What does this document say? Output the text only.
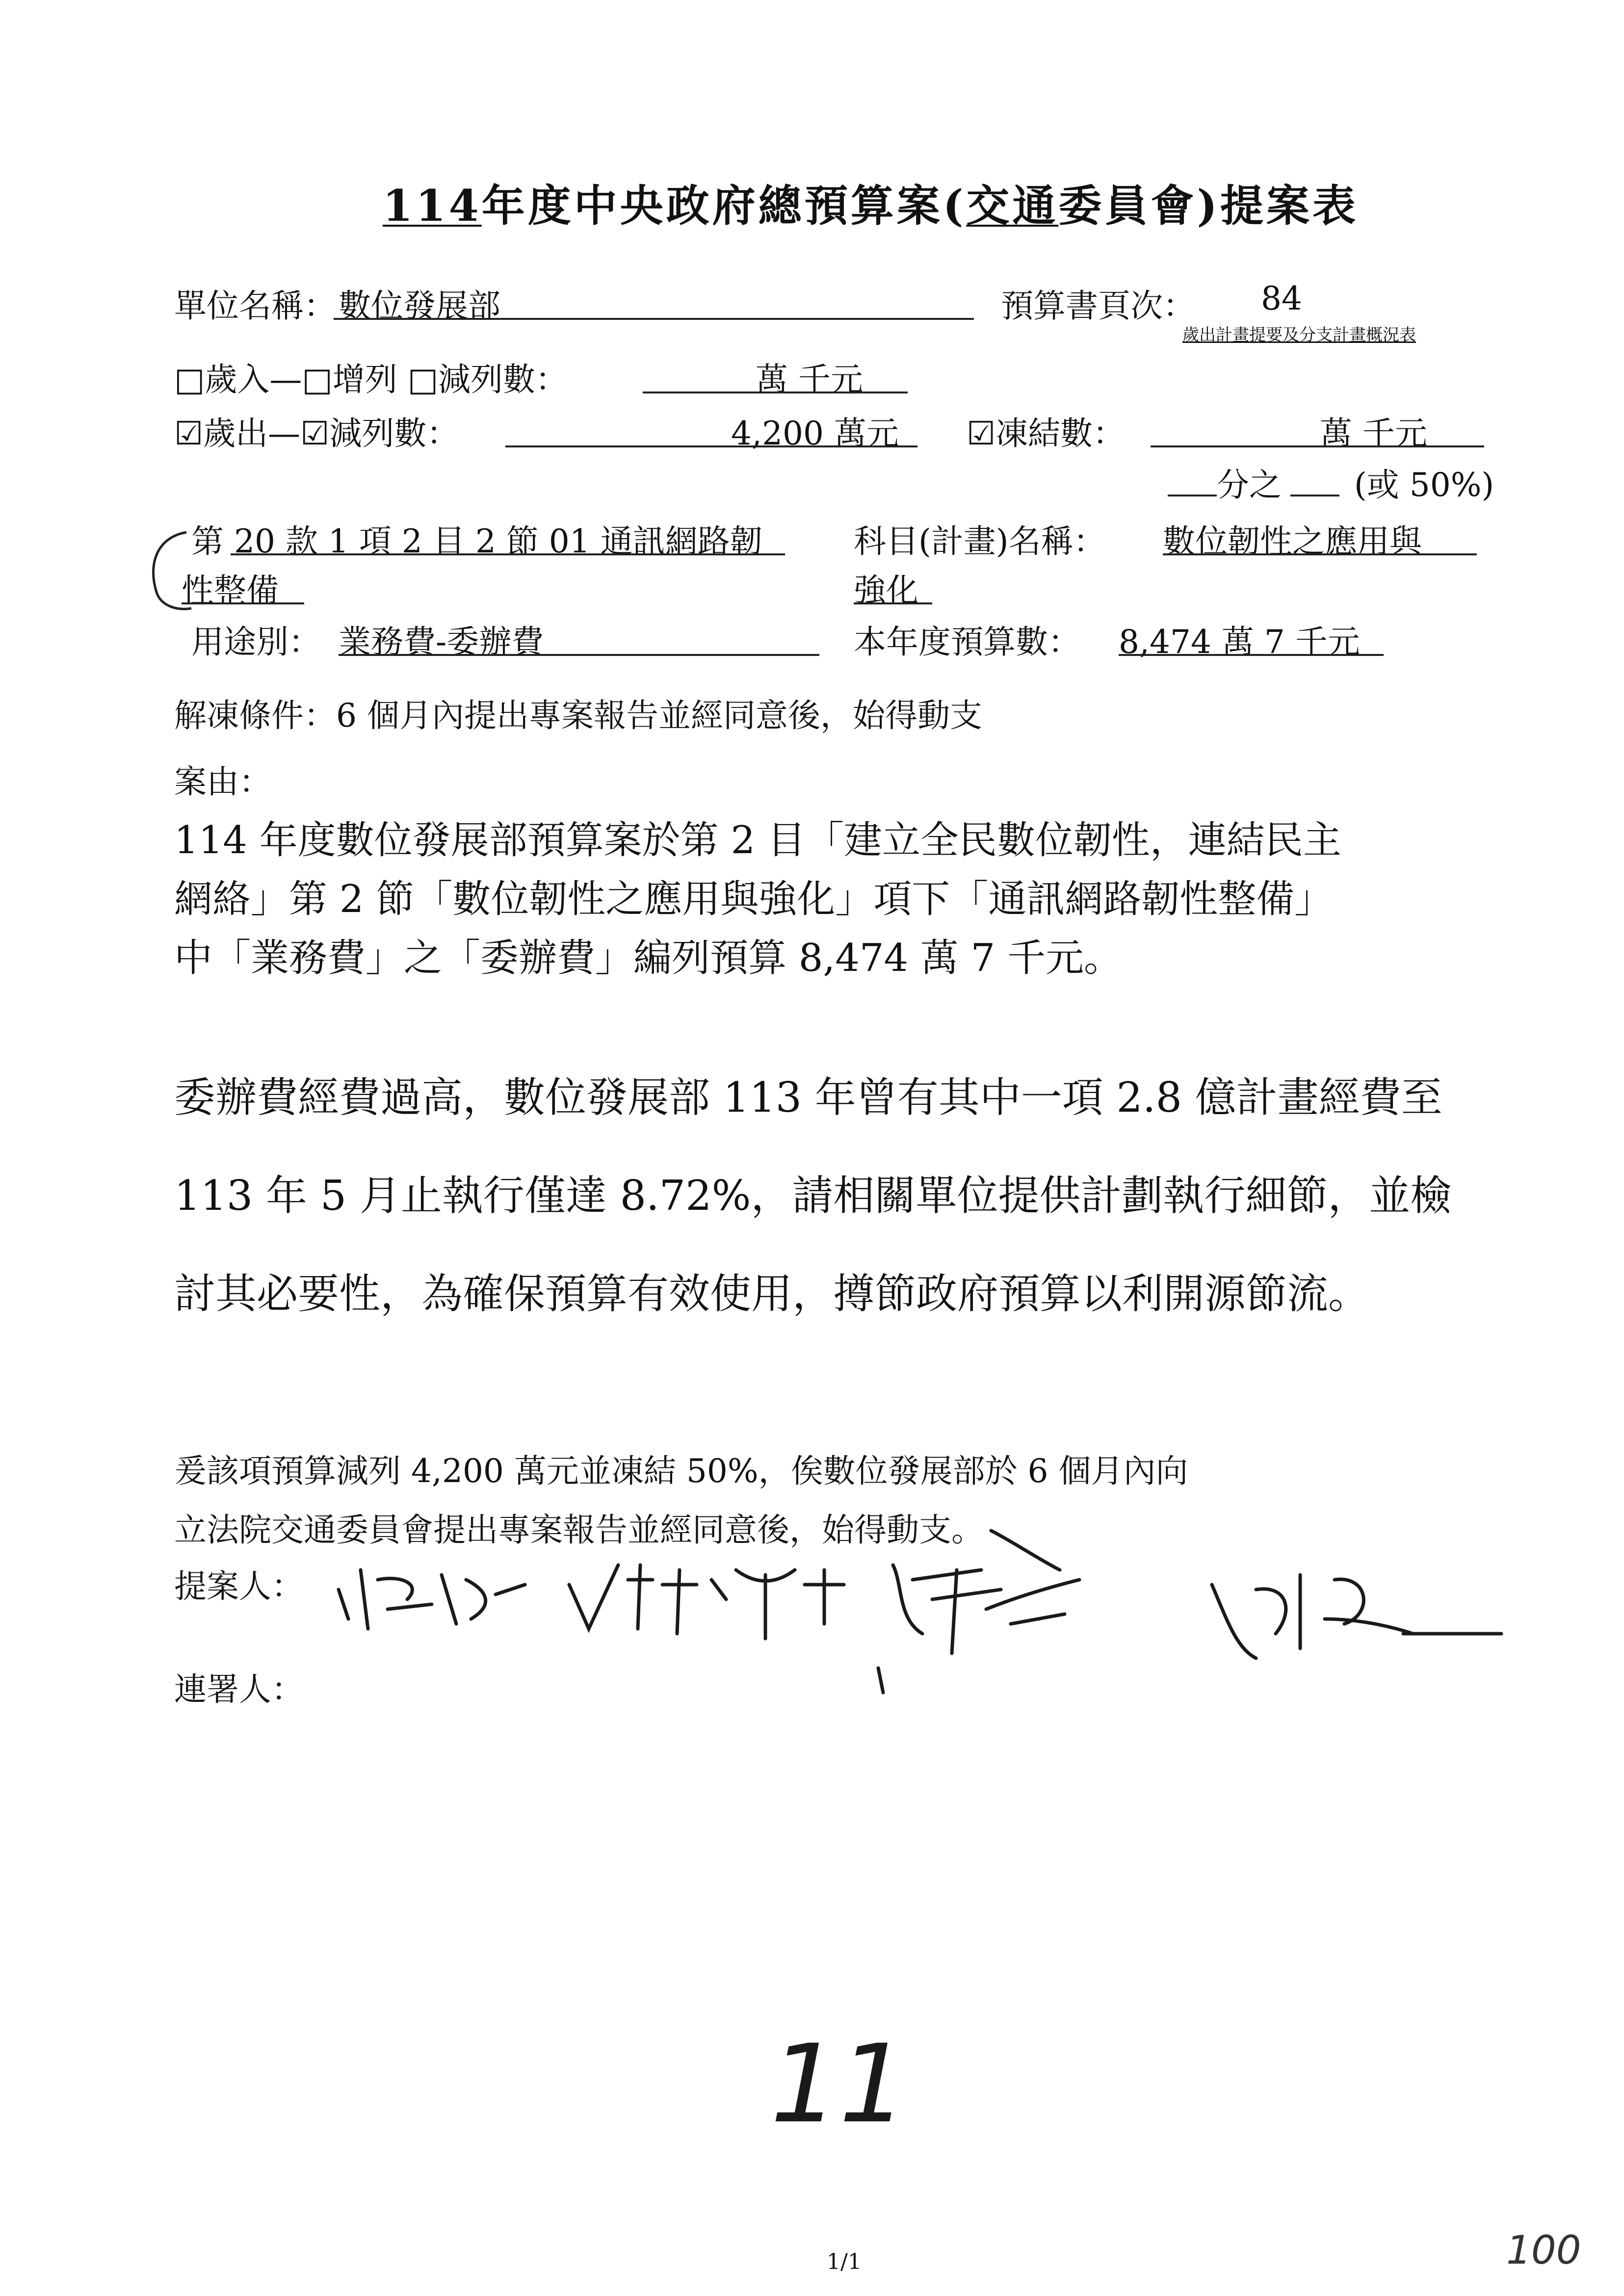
114年度中央政府總預算案(交通委員會)提案表
單位名稱： 數位發展部	預算書頁次： 84
歲出計畫提要及分支計畫概況表
□歲入—□增列 □減列數：	萬 千元
☑歲出—☑減列數：	4,200 萬元 ☑凍結數：	萬 千元
分之 (或 50%)
第 20 款 1 項 2 目 2 節 01 通訊網路韌
性整備
科目(計畫)名稱： 數位韌性之應用與
強化
用途別： 業務費-委辦費	本年度預算數： 8,474 萬 7 千元
解凍條件：6 個月內提出專案報告並經同意後，始得動支
案由：
114 年度數位發展部預算案於第 2 目「建立全民數位韌性，連結民主
網絡」第 2 節「數位韌性之應用與強化」項下「通訊網路韌性整備」
中「業務費」之「委辦費」編列預算 8,474 萬 7 千元。
委辦費經費過高，數位發展部 113 年曾有其中一項 2.8 億計畫經費至
113 年 5 月止執行僅達 8.72%，請相關單位提供計劃執行細節，並檢
討其必要性，為確保預算有效使用，撙節政府預算以利開源節流。
爰該項預算減列 4,200 萬元並凍結 50%，俟數位發展部於 6 個月內向
立法院交通委員會提出專案報告並經同意後，始得動支。
提案人：
連署人：
11
1/1	100
